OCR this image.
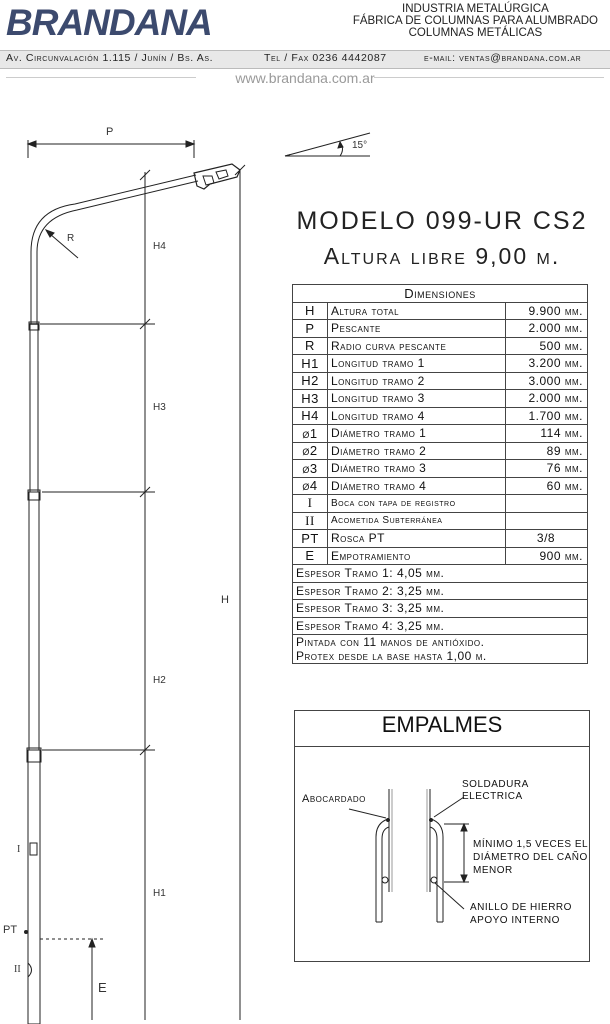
BRANDANA	INDUSTRIA METALÚRGICA
FÁBRICA DE COLUMNAS PARA ALUMBRADO
COLUMNAS METÁLICAS
Av. Circunvalación 1.115 / Junín / Bs. As.	Tel / Fax 0236 4442087	e-mail: ventas@brandana.com.ar
www.brandana.com.ar
15°
P
R
H4
H3
H2
H1
H
PT
I
II
E
MODELO 099-UR CS2
Altura libre 9,00 m.
Dimensiones		
H	Altura total	9.900 mm.
P	Pescante	2.000 mm.
R	Radio curva pescante	500 mm.
H1	Longitud tramo 1	3.200 mm.
H2	Longitud tramo 2	3.000 mm.
H3	Longitud tramo 3	2.000 mm.
H4	Longitud tramo 4	1.700 mm.
ø1	Diámetro tramo 1	114 mm.
ø2	Diámetro tramo 2	89 mm.
ø3	Diámetro tramo 3	76 mm.
ø4	Diámetro tramo 4	60 mm.
I	Boca con tapa de registro	
II	Acometida Subterránea	
PT	Rosca PT	3/8
E	Empotramiento	900 mm.
Espesor Tramo 1: 4,05 mm.		
Espesor Tramo 2: 3,25 mm.		
Espesor Tramo 3: 3,25 mm.		
Espesor Tramo 4: 3,25 mm.		
Pintada con 11 manos de antióxido.		
Protex desde la base hasta 1,00 m.		
EMPALMES
Abocardado
SOLDADURA
ELECTRICA
MÍNIMO 1,5 VECES EL
DIÁMETRO DEL CAÑO
MENOR
ANILLO DE HIERRO
APOYO INTERNO
